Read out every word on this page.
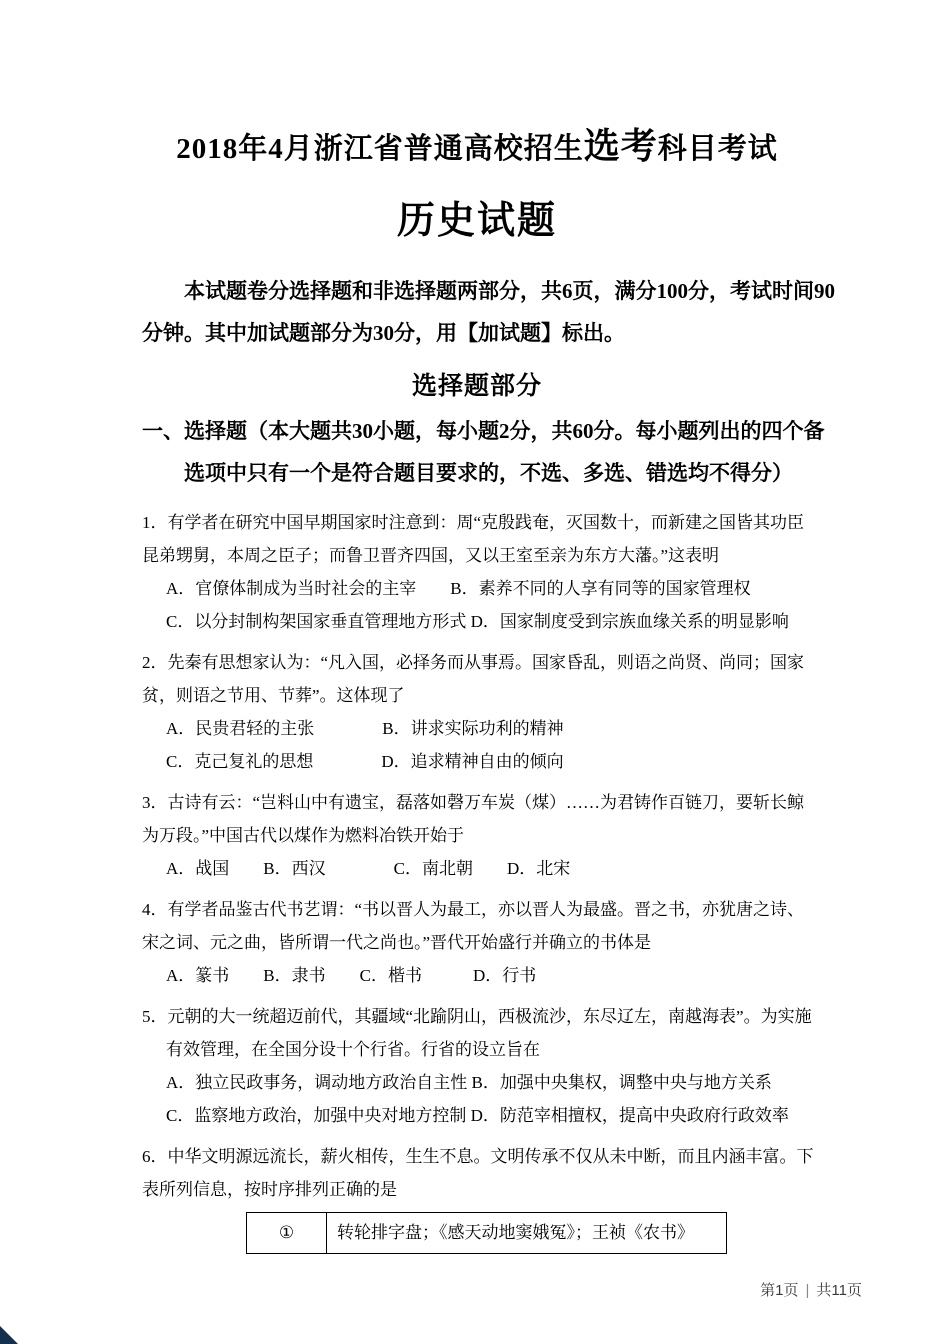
2018年4月浙江省普通高校招生选考科目考试
历史试题
本试题卷分选择题和非选择题两部分，共6页，满分100分，考试时间90
分钟。其中加试题部分为30分，用【加试题】标出。
选择题部分
一、选择题（本大题共30小题，每小题2分，共60分。每小题列出的四个备
选项中只有一个是符合题目要求的，不选、多选、错选均不得分）
1．有学者在研究中国早期国家时注意到：周“克殷践奄，灭国数十，而新建之国皆其功臣
昆弟甥舅，本周之臣子；而鲁卫晋齐四国，又以王室至亲为东方大藩。”这表明
A．官僚体制成为当时社会的主宰　　B．素养不同的人享有同等的国家管理权
C．以分封制构架国家垂直管理地方形式 D．国家制度受到宗族血缘关系的明显影响
2．先秦有思想家认为：“凡入国，必择务而从事焉。国家昏乱，则语之尚贤、尚同；国家
贫，则语之节用、节葬”。这体现了
A．民贵君轻的主张　　　　B．讲求实际功利的精神
C．克己复礼的思想　　　　D．追求精神自由的倾向
3．古诗有云：“岂料山中有遗宝，磊落如磬万车炭（煤）……为君铸作百链刀，要斩长鲸
为万段。”中国古代以煤作为燃料冶铁开始于
A．战国　　B．西汉　　　　C．南北朝　　D．北宋
4．有学者品鉴古代书艺谓：“书以晋人为最工，亦以晋人为最盛。晋之书，亦犹唐之诗、
宋之词、元之曲，皆所谓一代之尚也。”晋代开始盛行并确立的书体是
A．篆书　　B．隶书　　C．楷书　　　D．行书
5．元朝的大一统超迈前代，其疆域“北踰阴山，西极流沙，东尽辽左，南越海表”。为实施
有效管理，在全国分设十个行省。行省的设立旨在
A．独立民政事务，调动地方政治自主性 B．加强中央集权，调整中央与地方关系
C．监察地方政治，加强中央对地方控制 D．防范宰相擅权，提高中央政府行政效率
6．中华文明源远流长，薪火相传，生生不息。文明传承不仅从未中断，而且内涵丰富。下
表所列信息，按时序排列正确的是
①	转轮排字盘；《感天动地窦娥冤》；王祯《农书》
第1页 | 共11页
